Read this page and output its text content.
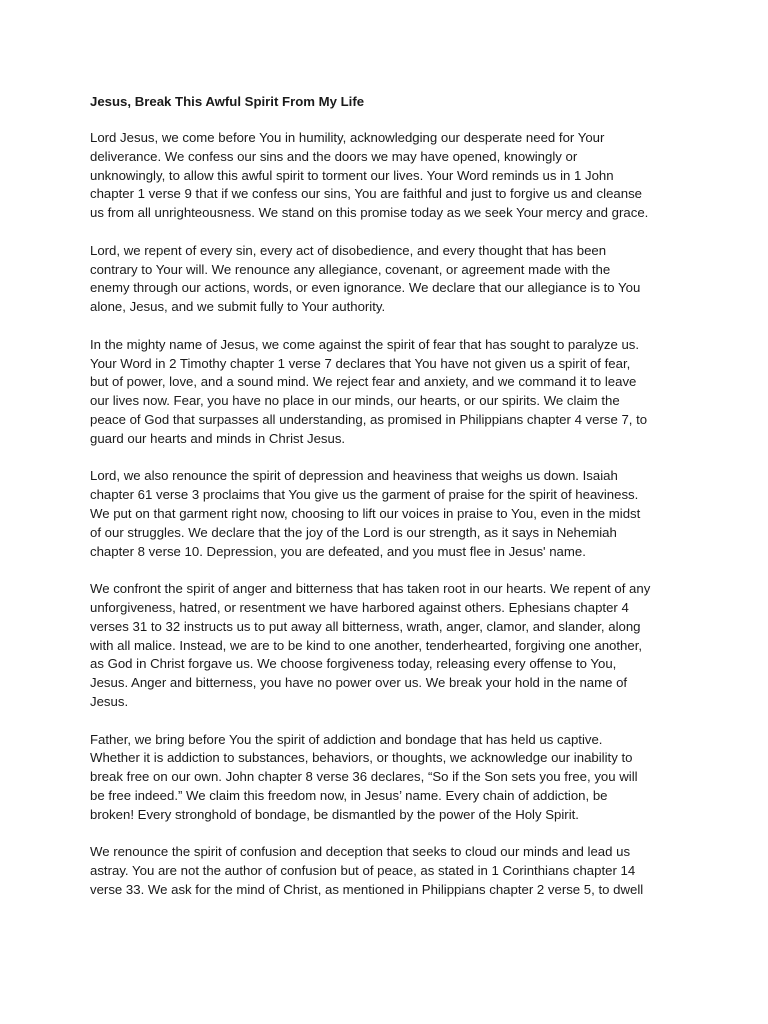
Jesus, Break This Awful Spirit From My Life

Lord Jesus, we come before You in humility, acknowledging our desperate need for Your
deliverance. We confess our sins and the doors we may have opened, knowingly or
unknowingly, to allow this awful spirit to torment our lives. Your Word reminds us in 1 John
chapter 1 verse 9 that if we confess our sins, You are faithful and just to forgive us and cleanse
us from all unrighteousness. We stand on this promise today as we seek Your mercy and grace.

Lord, we repent of every sin, every act of disobedience, and every thought that has been
contrary to Your will. We renounce any allegiance, covenant, or agreement made with the
enemy through our actions, words, or even ignorance. We declare that our allegiance is to You
alone, Jesus, and we submit fully to Your authority.

In the mighty name of Jesus, we come against the spirit of fear that has sought to paralyze us.
Your Word in 2 Timothy chapter 1 verse 7 declares that You have not given us a spirit of fear,
but of power, love, and a sound mind. We reject fear and anxiety, and we command it to leave
our lives now. Fear, you have no place in our minds, our hearts, or our spirits. We claim the
peace of God that surpasses all understanding, as promised in Philippians chapter 4 verse 7, to
guard our hearts and minds in Christ Jesus.

Lord, we also renounce the spirit of depression and heaviness that weighs us down. Isaiah
chapter 61 verse 3 proclaims that You give us the garment of praise for the spirit of heaviness.
We put on that garment right now, choosing to lift our voices in praise to You, even in the midst
of our struggles. We declare that the joy of the Lord is our strength, as it says in Nehemiah
chapter 8 verse 10. Depression, you are defeated, and you must flee in Jesus' name.

We confront the spirit of anger and bitterness that has taken root in our hearts. We repent of any
unforgiveness, hatred, or resentment we have harbored against others. Ephesians chapter 4
verses 31 to 32 instructs us to put away all bitterness, wrath, anger, clamor, and slander, along
with all malice. Instead, we are to be kind to one another, tenderhearted, forgiving one another,
as God in Christ forgave us. We choose forgiveness today, releasing every offense to You,
Jesus. Anger and bitterness, you have no power over us. We break your hold in the name of
Jesus.

Father, we bring before You the spirit of addiction and bondage that has held us captive.
Whether it is addiction to substances, behaviors, or thoughts, we acknowledge our inability to
break free on our own. John chapter 8 verse 36 declares, “So if the Son sets you free, you will
be free indeed.” We claim this freedom now, in Jesus’ name. Every chain of addiction, be
broken! Every stronghold of bondage, be dismantled by the power of the Holy Spirit.

We renounce the spirit of confusion and deception that seeks to cloud our minds and lead us
astray. You are not the author of confusion but of peace, as stated in 1 Corinthians chapter 14
verse 33. We ask for the mind of Christ, as mentioned in Philippians chapter 2 verse 5, to dwell
